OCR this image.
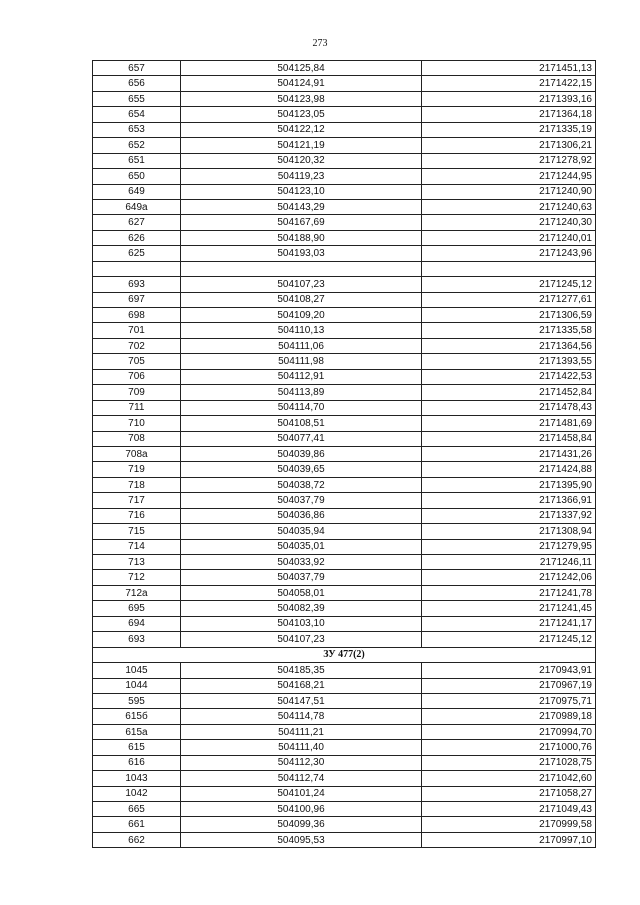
273
657	504125,84	2171451,13
656	504124,91	2171422,15
655	504123,98	2171393,16
654	504123,05	2171364,18
653	504122,12	2171335,19
652	504121,19	2171306,21
651	504120,32	2171278,92
650	504119,23	2171244,95
649	504123,10	2171240,90
649а	504143,29	2171240,63
627	504167,69	2171240,30
626	504188,90	2171240,01
625	504193,03	2171243,96

693	504107,23	2171245,12
697	504108,27	2171277,61
698	504109,20	2171306,59
701	504110,13	2171335,58
702	504111,06	2171364,56
705	504111,98	2171393,55
706	504112,91	2171422,53
709	504113,89	2171452,84
711	504114,70	2171478,43
710	504108,51	2171481,69
708	504077,41	2171458,84
708а	504039,86	2171431,26
719	504039,65	2171424,88
718	504038,72	2171395,90
717	504037,79	2171366,91
716	504036,86	2171337,92
715	504035,94	2171308,94
714	504035,01	2171279,95
713	504033,92	2171246,11
712	504037,79	2171242,06
712а	504058,01	2171241,78
695	504082,39	2171241,45
694	504103,10	2171241,17
693	504107,23	2171245,12
ЗУ 477(2)		
1045	504185,35	2170943,91
1044	504168,21	2170967,19
595	504147,51	2170975,71
615б	504114,78	2170989,18
615а	504111,21	2170994,70
615	504111,40	2171000,76
616	504112,30	2171028,75
1043	504112,74	2171042,60
1042	504101,24	2171058,27
665	504100,96	2171049,43
661	504099,36	2170999,58
662	504095,53	2170997,10
